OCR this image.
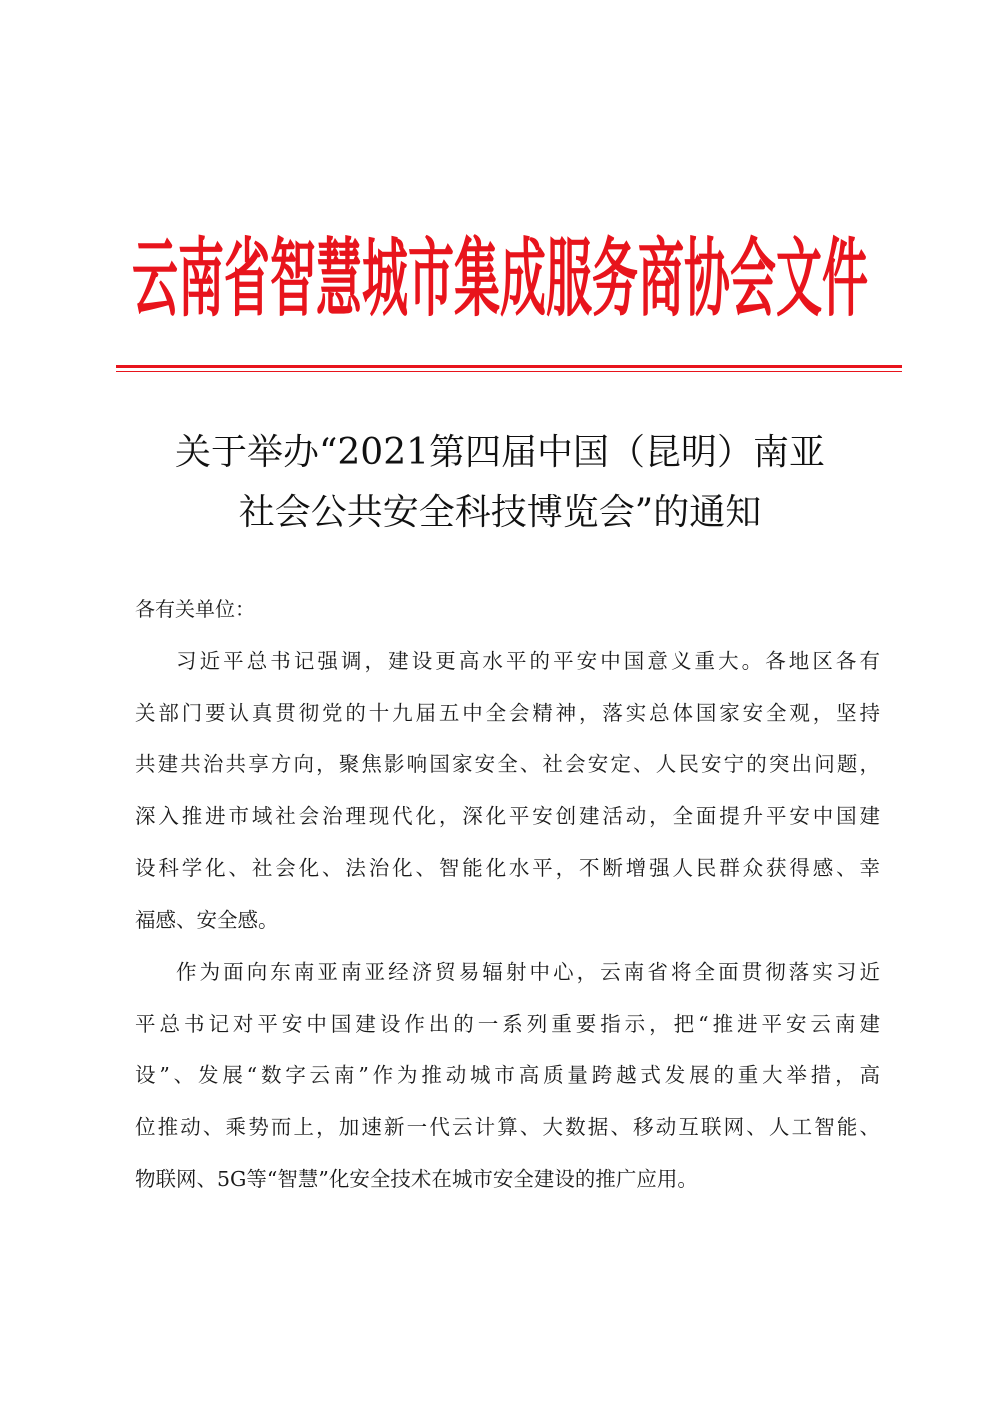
云南省智慧城市集成服务商协会文件
关于举办“2021第四届中国（昆明）南亚
社会公共安全科技博览会”的通知
各有关单位：
习近平总书记强调，建设更高水平的平安中国意义重大。各地区各有
关部门要认真贯彻党的十九届五中全会精神，落实总体国家安全观，坚持
共建共治共享方向，聚焦影响国家安全、社会安定、人民安宁的突出问题，
深入推进市域社会治理现代化，深化平安创建活动，全面提升平安中国建
设科学化、社会化、法治化、智能化水平，不断增强人民群众获得感、幸
福感、安全感。
作为面向东南亚南亚经济贸易辐射中心，云南省将全面贯彻落实习近
平总书记对平安中国建设作出的一系列重要指示，把“推进平安云南建
设”、发展“数字云南”作为推动城市高质量跨越式发展的重大举措，高
位推动、乘势而上，加速新一代云计算、大数据、移动互联网、人工智能、
物联网、5G等“智慧”化安全技术在城市安全建设的推广应用。
